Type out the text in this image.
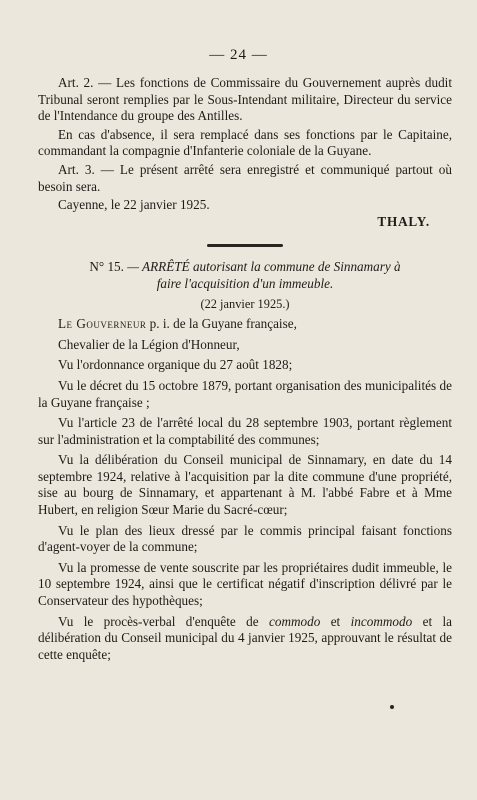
— 24 —

Art. 2. — Les fonctions de Commissaire du Gouvernement auprès dudit Tribunal seront remplies par le Sous-Intendant militaire, Directeur du service de l'Intendance du groupe des Antilles.

En cas d'absence, il sera remplacé dans ses fonctions par le Capitaine, commandant la compagnie d'Infanterie coloniale de la Guyane.

Art. 3. — Le présent arrêté sera enregistré et communiqué partout où besoin sera.

Cayenne, le 22 janvier 1925.

THALY.

N° 15. — ARRÊTÉ autorisant la commune de Sinnamary à
faire l'acquisition d'un immeuble.

(22 janvier 1925.)

Le Gouverneur p. i. de la Guyane française,

Chevalier de la Légion d'Honneur,

Vu l'ordonnance organique du 27 août 1828;

Vu le décret du 15 octobre 1879, portant organisation des municipalités de la Guyane française ;

Vu l'article 23 de l'arrêté local du 28 septembre 1903, portant règlement sur l'administration et la comptabilité des communes;

Vu la délibération du Conseil municipal de Sinnamary, en date du 14 septembre 1924, relative à l'acquisition par la dite commune d'une propriété, sise au bourg de Sinnamary, et appartenant à M. l'abbé Fabre et à Mme Hubert, en religion Sœur Marie du Sacré-cœur;

Vu le plan des lieux dressé par le commis principal faisant fonctions d'agent-voyer de la commune;

Vu la promesse de vente souscrite par les propriétaires dudit immeuble, le 10 septembre 1924, ainsi que le certificat négatif d'inscription délivré par le Conservateur des hypothèques;

Vu le procès-verbal d'enquête de commodo et incommodo et la délibération du Conseil municipal du 4 janvier 1925, approuvant le résultat de cette enquête;
